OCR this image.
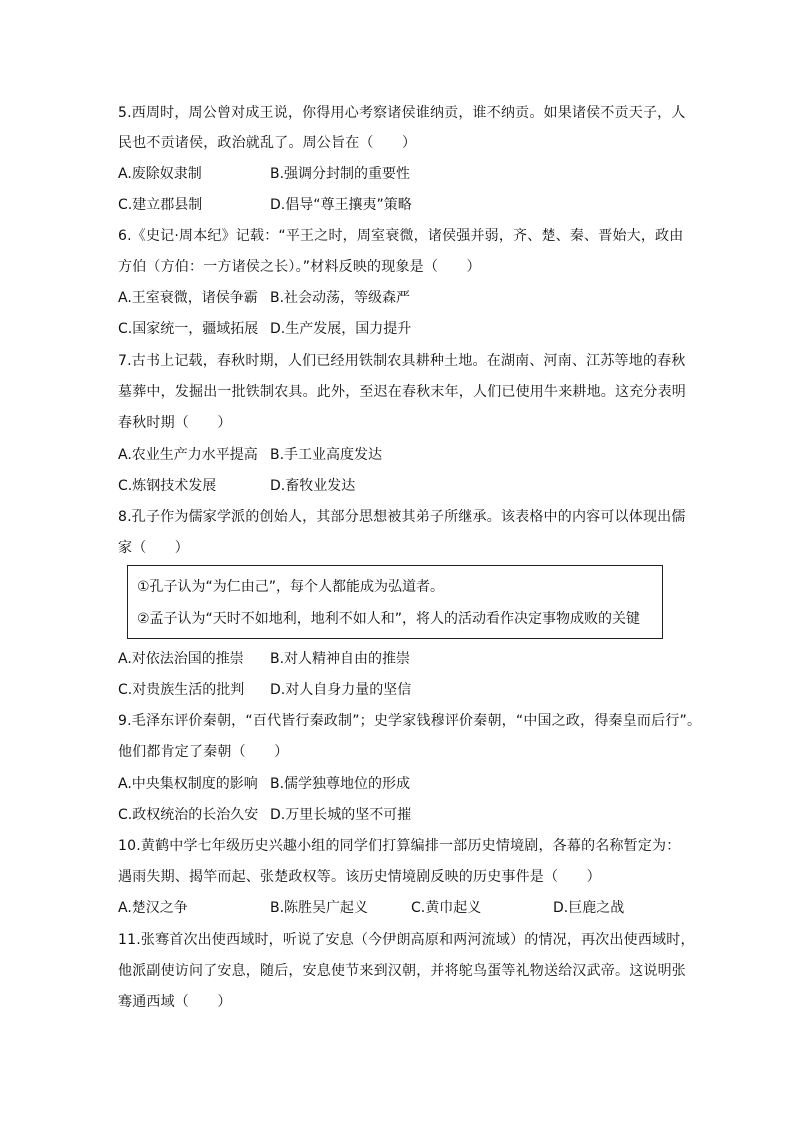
5.西周时，周公曾对成王说，你得用心考察诸侯谁纳贡，谁不纳贡。如果诸侯不贡天子，人
民也不贡诸侯，政治就乱了。周公旨在（　　）
A.废除奴隶制	B.强调分封制的重要性
C.建立郡县制	D.倡导“尊王攘夷”策略
6.《史记·周本纪》记载：“平王之时，周室衰微，诸侯强并弱，齐、楚、秦、晋始大，政由
方伯（方伯：一方诸侯之长）。”材料反映的现象是（　　）
A.王室衰微，诸侯争霸 B.社会动荡，等级森严
C.国家统一，疆域拓展 D.生产发展，国力提升
7.古书上记载，春秋时期，人们已经用铁制农具耕种土地。在湖南、河南、江苏等地的春秋
墓葬中，发掘出一批铁制农具。此外，至迟在春秋末年，人们已使用牛来耕地。这充分表明
春秋时期（　　）
A.农业生产力水平提高 B.手工业高度发达
C.炼钢技术发展	D.畜牧业发达
8.孔子作为儒家学派的创始人，其部分思想被其弟子所继承。该表格中的内容可以体现出儒
家（　　）
①孔子认为“为仁由己”，每个人都能成为弘道者。
②孟子认为“天时不如地利，地利不如人和”，将人的活动看作决定事物成败的关键
A.对依法治国的推崇 B.对人精神自由的推崇
C.对贵族生活的批判 D.对人自身力量的坚信
9.毛泽东评价秦朝，“百代皆行秦政制”；史学家钱穆评价秦朝，“中国之政，得秦皇而后行”。
他们都肯定了秦朝（　　）
A.中央集权制度的影响 B.儒学独尊地位的形成
C.政权统治的长治久安 D.万里长城的坚不可摧
10.黄鹤中学七年级历史兴趣小组的同学们打算编排一部历史情境剧，各幕的名称暂定为：
遇雨失期、揭竿而起、张楚政权等。该历史情境剧反映的历史事件是（　　）
A.楚汉之争	B.陈胜吴广起义	C.黄巾起义	D.巨鹿之战
11.张骞首次出使西域时，听说了安息（今伊朗高原和两河流域）的情况，再次出使西域时，
他派副使访问了安息，随后，安息使节来到汉朝，并将鸵鸟蛋等礼物送给汉武帝。这说明张
骞通西域（　　）
